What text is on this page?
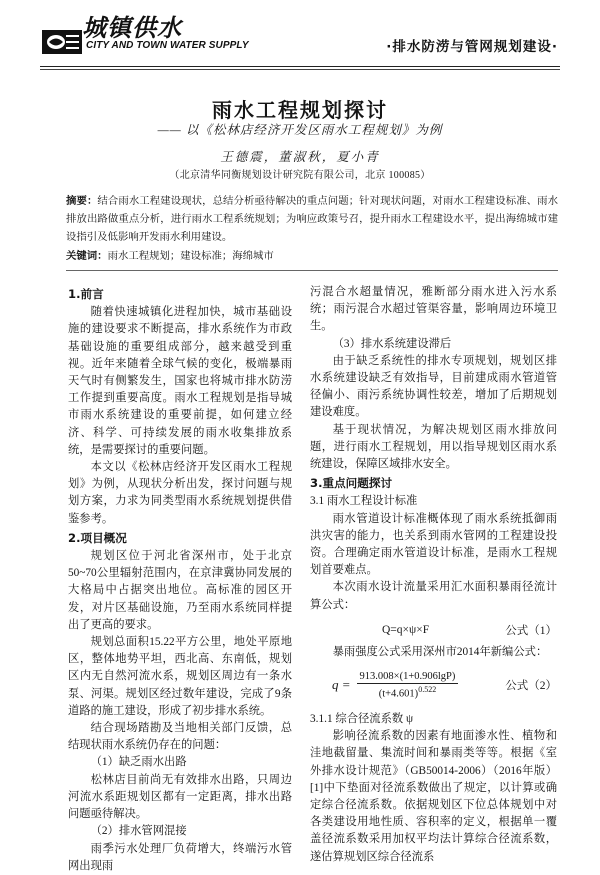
城镇供水
CITY AND TOWN WATER SUPPLY	·排水防涝与管网规划建设·
雨水工程规划探讨
—— 以《松林店经济开发区雨水工程规划》为例
王德震，董淑秋，夏小青
（北京清华同衡规划设计研究院有限公司，北京 100085）

摘要：结合雨水工程建设现状，总结分析亟待解决的重点问题；针对现状问题，对雨水工程建设标准、雨水排放出路做重点分析，进行雨水工程系统规划；为响应政策号召，提升雨水工程建设水平，提出海绵城市建设指引及低影响开发雨水利用建设。

关键词：雨水工程规划；建设标准；海绵城市

1.前言

随着快速城镇化进程加快，城市基础设施的建设要求不断提高，排水系统作为市政基础设施的重要组成部分，越来越受到重视。近年来随着全球气候的变化，极端暴雨天气时有侧繁发生，国家也将城市排水防涝工作提到重要高度。雨水工程规划是指导城市雨水系统建设的重要前提，如何建立经济、科学、可持续发展的雨水收集排放系统，是需要探讨的重要问题。

本文以《松林店经济开发区雨水工程规划》为例，从现状分析出发，探讨问题与规划方案，力求为同类型雨水系统规划提供借鉴参考。

2.项目概况

规划区位于河北省深州市，处于北京50~70公里辐射范围内，在京津冀协同发展的大格局中占据突出地位。高标准的园区开发，对片区基础设施，乃至雨水系统同样提出了更高的要求。

规划总面积15.22平方公里，地处平原地区，整体地势平坦，西北高、东南低，规划区内无自然河流水系，规划区周边有一条水泵、河渠。规划区经过数年建设，完成了9条道路的施工建设，形成了初步排水系统。

结合现场踏勘及当地相关部门反馈，总结现状雨水系统仍存在的问题：

（1）缺乏雨水出路

松林店目前尚无有效排水出路，只周边河流水系距规划区都有一定距离，排水出路问题亟待解决。

（2）排水管网混接

雨季污水处理厂负荷增大，终端污水管网出现雨

污混合水超量情况，雅断部分雨水进入污水系统；雨污混合水超过管渠容量，影响周边环境卫生。

（3）排水系统建设滞后

由于缺乏系统性的排水专项规划，规划区排水系统建设缺乏有效指导，目前建成雨水管道管径偏小、雨污系统协调性较差，增加了后期规划建设难度。

基于现状情况，为解决规划区雨水排放问题，进行雨水工程规划，用以指导规划区雨水系统建设，保障区域排水安全。

3.重点问题探讨
3.1 雨水工程设计标准

雨水管道设计标准概体现了雨水系统抵御雨洪灾害的能力，也关系到雨水管网的工程建设投资。合理确定雨水管道设计标准，是雨水工程规划首要难点。

本次雨水设计流量采用汇水面积暴雨径流计算公式：

Q=q×ψ×F	公式（1）

暴雨强度公式采用深州市2014年新编公式：

$q = \frac{913.008\times(1+0.906\lg P)}{(t+4.601)^{0.522}}$	公式（2）
3.1.1 综合径流系数 ψ

影响径流系数的因素有地面渗水性、植物和洼地截留量、集流时间和暴雨类等等。根据《室外排水设计规范》（GB50014-2006）（2016年版）[1]中下垫面对径流系数做出了规定，以计算或确定综合径流系数。依据规划区下位总体规划中对各类建设用地性质、容积率的定义，根据单一覆盖径流系数采用加权平均法计算综合径流系数，遂估算规划区综合径流系
